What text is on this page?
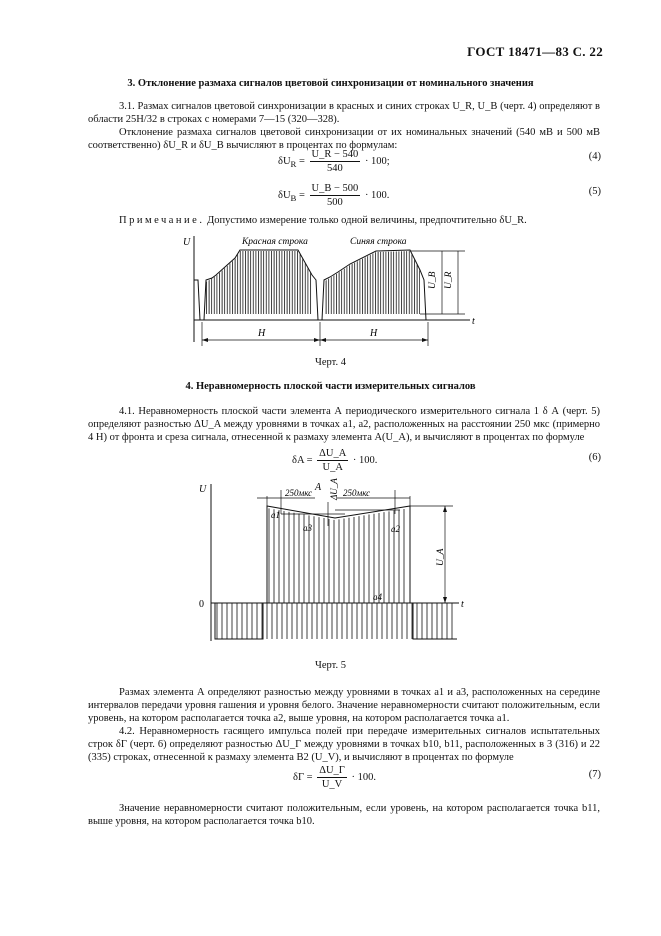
ГОСТ 18471—83 С. 22
3. Отклонение размаха сигналов цветовой синхронизации от номинального значения
3.1. Размах сигналов цветовой синхронизации в красных и синих строках U_R, U_B (черт. 4) определяют в области 25H/32 в строках с номерами 7—15 (320—328).
Отклонение размаха сигналов цветовой синхронизации от их номинальных значений (540 мВ и 500 мВ соответственно) δU_R и δU_B вычисляют в процентах по формулам:
$\delta U_R = \frac{U\_R - 540}{540} \cdot 100$;	(4)
$\delta U_B = \frac{U\_B - 500}{500} \cdot 100$.	(5)
Примечание. Допустимо измерение только одной величины, предпочтительно δU_R.
U
t
Красная строка	Синяя строка
U_B U_R
H	H
Черт. 4
4. Неравномерность плоской части измерительных сигналов
4.1. Неравномерность плоской части элемента А периодического измерительного сигнала 1 δ А (черт. 5) определяют разностью ΔU_A между уровнями в точках a1, a2, расположенных на расстоянии 250 мкс (примерно 4 H) от фронта и среза сигнала, отнесенной к размаху элемента А(U_A), и вычисляют в процентах по формуле
$\delta A = \frac{\Delta U\_A}{U\_A} \cdot 100$.	(6)
U
0	t
A
250мкс	250мкс
ΔU_A
a1
a3	a2
a4
U_A
Черт. 5
Размах элемента А определяют разностью между уровнями в точках a1 и a3, расположенных на середине интервалов передачи уровня гашения и уровня белого. Значение неравномерности считают положительным, если уровень, на котором располагается точка a2, выше уровня, на котором располагается точка a1.
4.2. Неравномерность гасящего импульса полей при передаче измерительных сигналов испытательных строк δГ (черт. 6) определяют разностью ΔU_Г между уровнями в точках b10, b11, расположенных в 3 (316) и 22 (335) строках, отнесенной к размаху элемента В2 (U_V), и вычисляют в процентах по формуле
$\delta Г = \frac{\Delta U\_Г}{U\_V} \cdot 100$.	(7)
Значение неравномерности считают положительным, если уровень, на котором располагается точка b11, выше уровня, на котором располагается точка b10.
